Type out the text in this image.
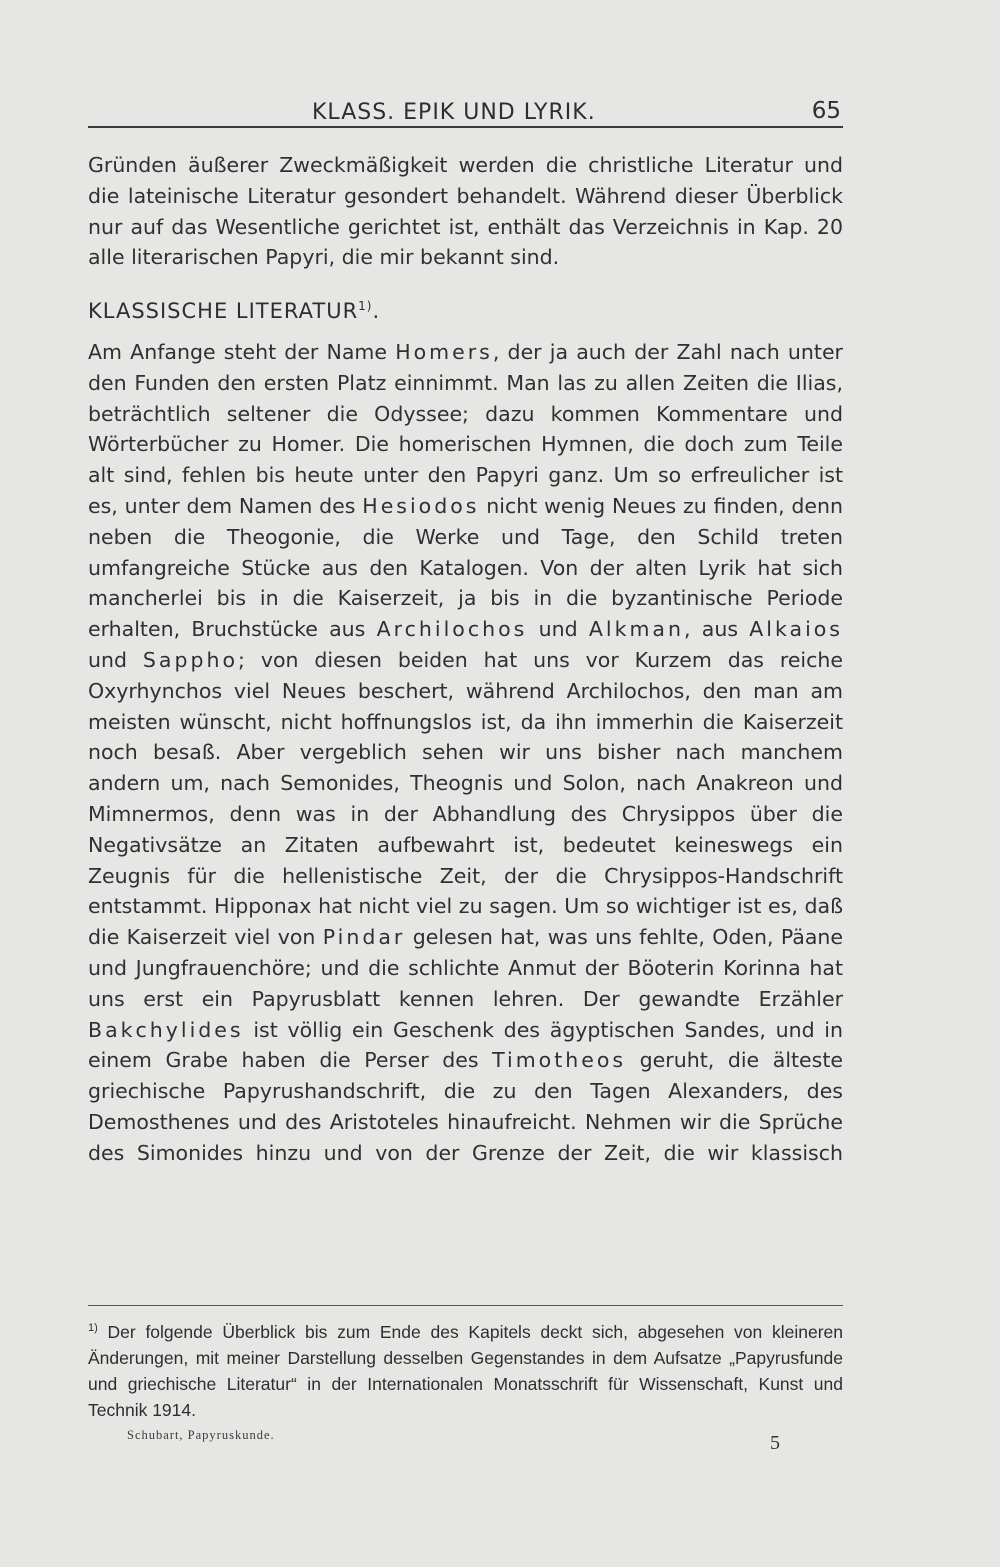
KLASS. EPIK UND LYRIK.	65

Gründen äußerer Zweckmäßigkeit werden die christliche Literatur und die lateinische Literatur gesondert behandelt. Während dieser Überblick nur auf das Wesentliche gerichtet ist, enthält das Verzeichnis in Kap. 20 alle literarischen Papyri, die mir bekannt sind.

KLASSISCHE LITERATUR$^{1)}$.

Am Anfange steht der Name Homers, der ja auch der Zahl nach unter den Funden den ersten Platz einnimmt. Man las zu allen Zeiten die Ilias, beträchtlich seltener die Odyssee; dazu kommen Kommentare und Wörterbücher zu Homer. Die homerischen Hymnen, die doch zum Teile alt sind, fehlen bis heute unter den Papyri ganz. Um so erfreulicher ist es, unter dem Namen des Hesiodos nicht wenig Neues zu finden, denn neben die Theogonie, die Werke und Tage, den Schild treten umfangreiche Stücke aus den Katalogen. Von der alten Lyrik hat sich mancherlei bis in die Kaiserzeit, ja bis in die byzantinische Periode erhalten, Bruchstücke aus Archilochos und Alkman, aus Alkaios und Sappho; von diesen beiden hat uns vor Kurzem das reiche Oxyrhynchos viel Neues beschert, während Archilochos, den man am meisten wünscht, nicht hoffnungslos ist, da ihn immerhin die Kaiserzeit noch besaß. Aber vergeblich sehen wir uns bisher nach manchem andern um, nach Semonides, Theognis und Solon, nach Anakreon und Mimnermos, denn was in der Abhandlung des Chrysippos über die Negativsätze an Zitaten aufbewahrt ist, bedeutet keineswegs ein Zeugnis für die hellenistische Zeit, der die Chrysippos-Handschrift entstammt. Hipponax hat nicht viel zu sagen. Um so wichtiger ist es, daß die Kaiserzeit viel von Pindar gelesen hat, was uns fehlte, Oden, Päane und Jungfrauenchöre; und die schlichte Anmut der Böoterin Korinna hat uns erst ein Papyrusblatt kennen lehren. Der gewandte Erzähler Bakchylides ist völlig ein Geschenk des ägyptischen Sandes, und in einem Grabe haben die Perser des Timotheos geruht, die älteste griechische Papyrushandschrift, die zu den Tagen Alexanders, des Demosthenes und des Aristoteles hinaufreicht. Nehmen wir die Sprüche des Simonides hinzu und von der Grenze der Zeit, die wir klassisch

$^{1)}$ Der folgende Überblick bis zum Ende des Kapitels deckt sich, abgesehen von kleineren Änderungen, mit meiner Darstellung desselben Gegenstandes in dem Aufsatze „Papyrusfunde und griechische Literatur“ in der Internationalen Monatsschrift für Wissenschaft, Kunst und Technik 1914.
Schubart, Papyruskunde.	5
